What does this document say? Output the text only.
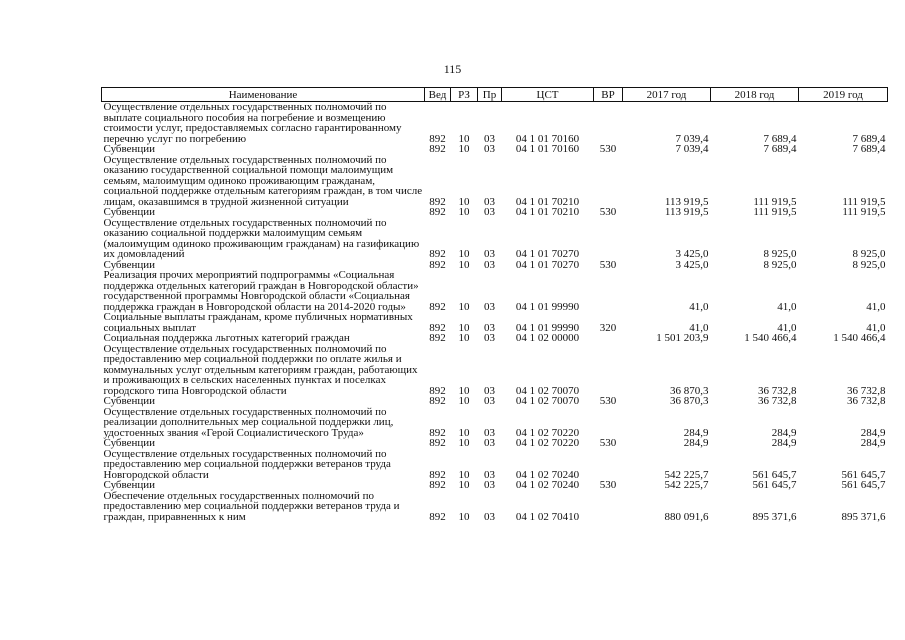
115
Наименование	Вед	РЗ	Пр	ЦСТ	ВР	2017 год	2018 год	2019 год
Осуществление отдельных государственных полномочий по выплате социального пособия на погребение и возмещению стоимости услуг, предоставляемых согласно гарантированному перечню услуг по погребению	892	10	03	04 1 01 70160		7 039,4	7 689,4	7 689,4
Субвенции	892	10	03	04 1 01 70160	530	7 039,4	7 689,4	7 689,4
Осуществление отдельных государственных полномочий по оказанию государственной социальной помощи малоимущим семьям, малоимущим одиноко проживающим гражданам, социальной поддержке отдельным категориям граждан, в том числе лицам, оказавшимся в трудной жизненной ситуации	892	10	03	04 1 01 70210		113 919,5	111 919,5	111 919,5
Субвенции	892	10	03	04 1 01 70210	530	113 919,5	111 919,5	111 919,5
Осуществление отдельных государственных полномочий по оказанию социальной поддержки малоимущим семьям (малоимущим одиноко проживающим гражданам) на газификацию их домовладений	892	10	03	04 1 01 70270		3 425,0	8 925,0	8 925,0
Субвенции	892	10	03	04 1 01 70270	530	3 425,0	8 925,0	8 925,0
Реализация прочих мероприятий подпрограммы «Социальная поддержка отдельных категорий граждан в Новгородской области» государственной программы Новгородской области «Социальная поддержка граждан в Новгородской области на 2014-2020 годы»	892	10	03	04 1 01 99990		41,0	41,0	41,0
Социальные выплаты гражданам, кроме публичных нормативных социальных выплат	892	10	03	04 1 01 99990	320	41,0	41,0	41,0
Социальная поддержка льготных категорий граждан	892	10	03	04 1 02 00000		1 501 203,9	1 540 466,4	1 540 466,4
Осуществление отдельных государственных полномочий по предоставлению мер социальной поддержки по оплате жилья и коммунальных услуг отдельным категориям граждан, работающих и проживающих в сельских населенных пунктах и поселках городского типа Новгородской области	892	10	03	04 1 02 70070		36 870,3	36 732,8	36 732,8
Субвенции	892	10	03	04 1 02 70070	530	36 870,3	36 732,8	36 732,8
Осуществление отдельных государственных полномочий по реализации дополнительных мер социальной поддержки лиц, удостоенных звания «Герой Социалистического Труда»	892	10	03	04 1 02 70220		284,9	284,9	284,9
Субвенции	892	10	03	04 1 02 70220	530	284,9	284,9	284,9
Осуществление отдельных государственных полномочий по предоставлению мер социальной поддержки ветеранов труда Новгородской области	892	10	03	04 1 02 70240		542 225,7	561 645,7	561 645,7
Субвенции	892	10	03	04 1 02 70240	530	542 225,7	561 645,7	561 645,7
Обеспечение отдельных государственных полномочий по предоставлению мер социальной поддержки ветеранов труда и граждан, приравненных к ним	892	10	03	04 1 02 70410		880 091,6	895 371,6	895 371,6
